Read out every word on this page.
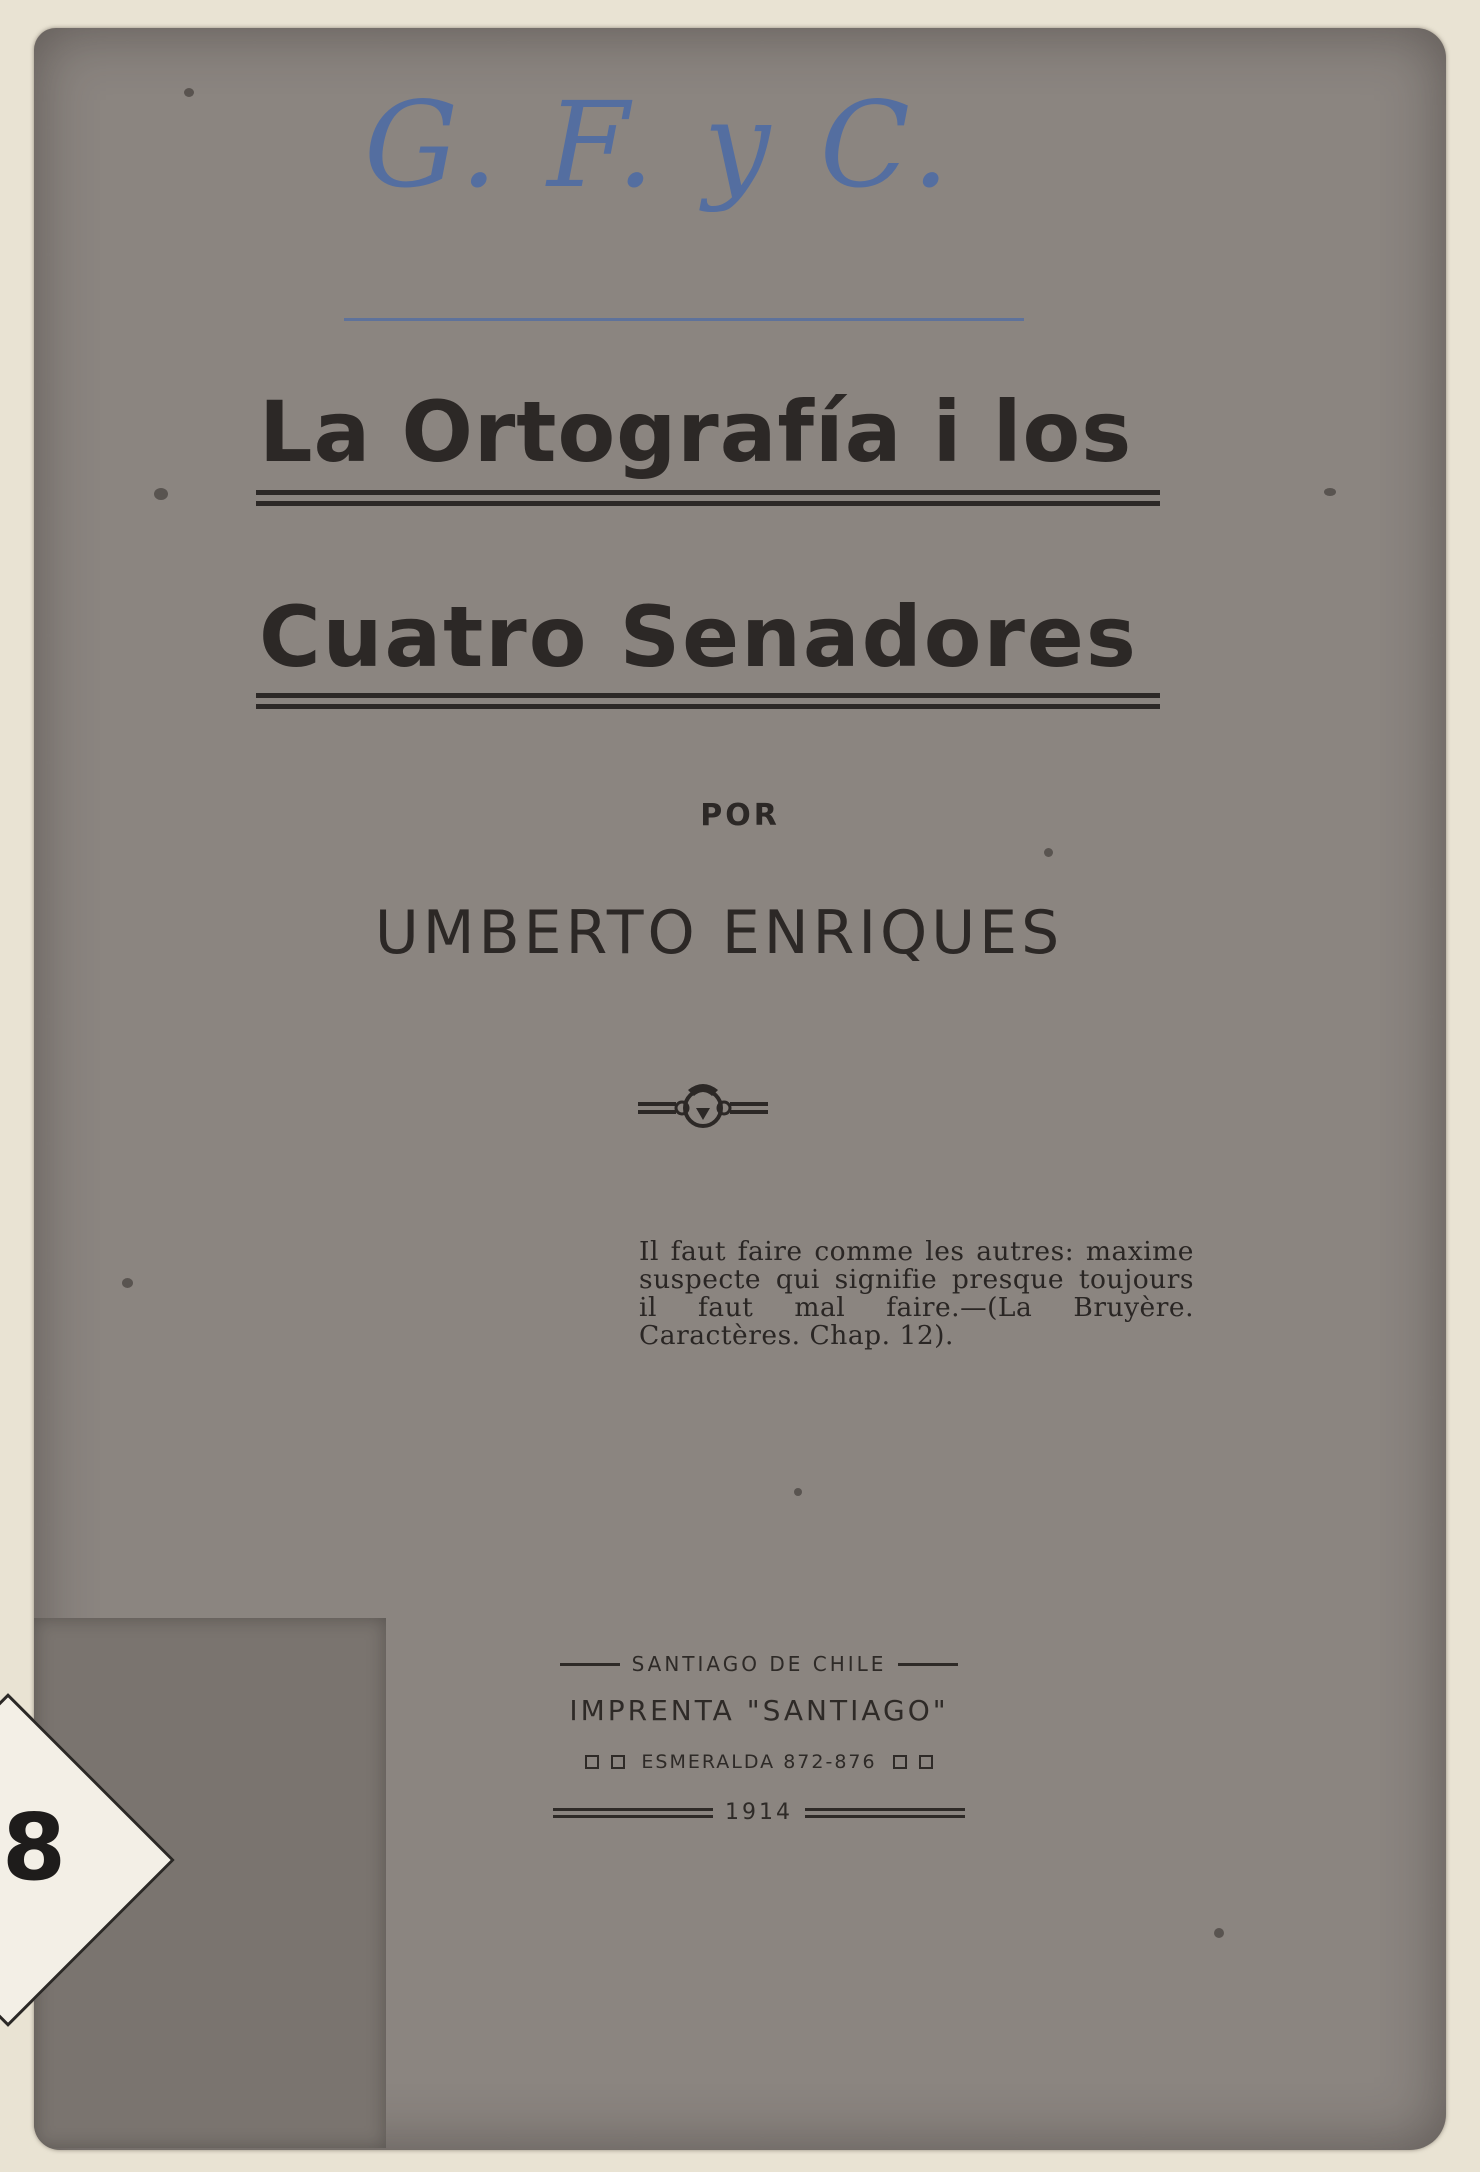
G. F. y C.
La Ortografía i los
Cuatro Senadores
POR
UMBERTO ENRIQUES
Il faut faire comme les autres: maxime suspecte qui signifie presque toujours il faut mal faire.—(La Bruyère. Caractères. Chap. 12).
SANTIAGO DE CHILE
IMPRENTA "SANTIAGO"
ESMERALDA 872-876
1914
8
